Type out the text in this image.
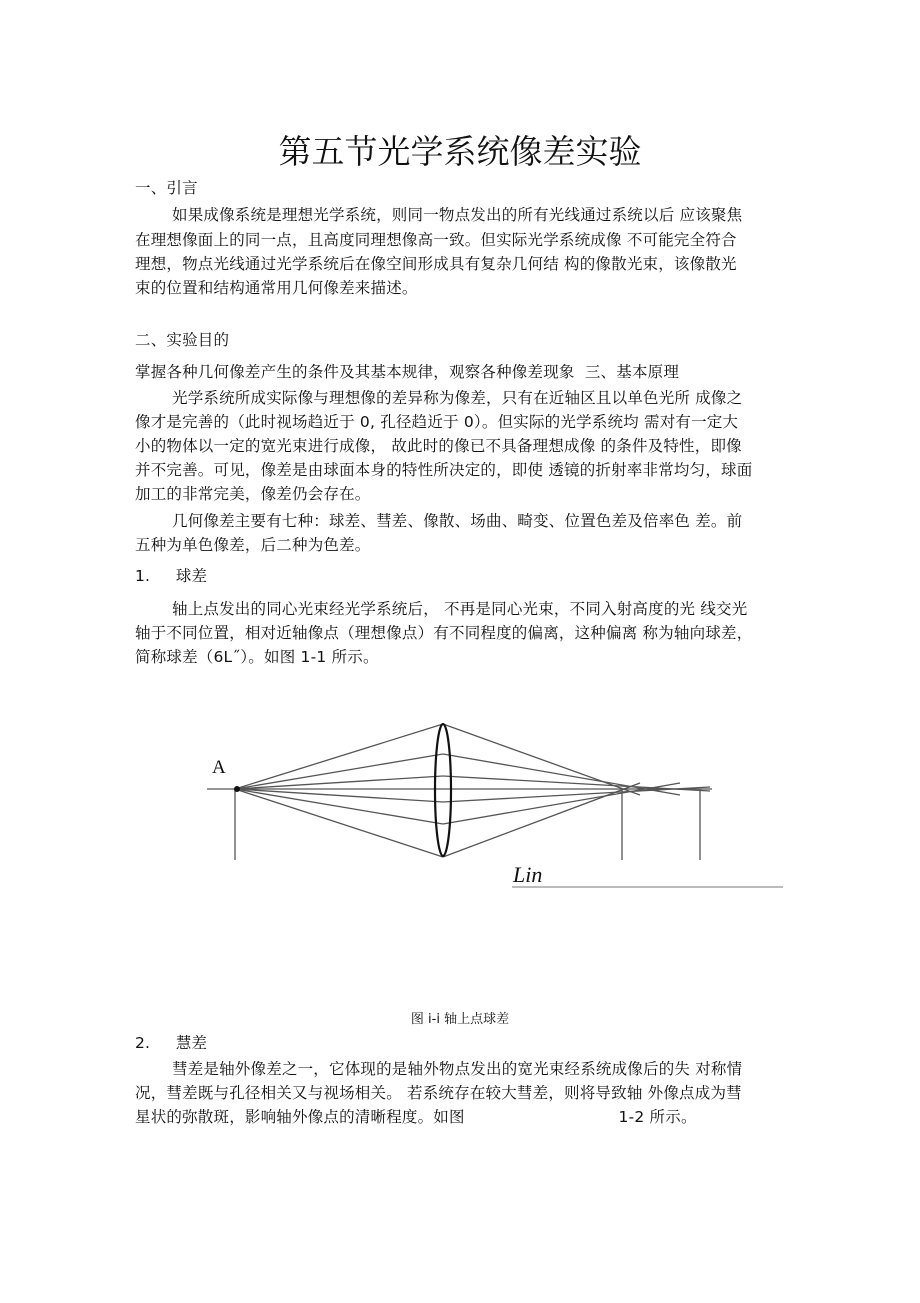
第五节光学系统像差实验
一、引言
如果成像系统是理想光学系统，则同一物点发出的所有光线通过系统以后 应该聚焦
在理想像面上的同一点，且高度同理想像高一致。但实际光学系统成像 不可能完全符合
理想，物点光线通过光学系统后在像空间形成具有复杂几何结 构的像散光束，该像散光
束的位置和结构通常用几何像差来描述。
二、实验目的
掌握各种几何像差产生的条件及其基本规律，观察各种像差现象  三、基本原理
光学系统所成实际像与理想像的差异称为像差，只有在近轴区且以单色光所 成像之
像才是完善的（此时视场趋近于 0, 孔径趋近于 0）。但实际的光学系统均 需对有一定大
小的物体以一定的宽光束进行成像， 故此时的像已不具备理想成像 的条件及特性，即像
并不完善。可见，像差是由球面本身的特性所决定的，即使 透镜的折射率非常均匀，球面
加工的非常完美，像差仍会存在。
几何像差主要有七种：球差、彗差、像散、场曲、畸变、位置色差及倍率色 差。前
五种为单色像差，后二种为色差。
1.     球差
轴上点发出的同心光束经光学系统后， 不再是同心光束，不同入射高度的光 线交光
轴于不同位置，相对近轴像点（理想像点）有不同程度的偏离，这种偏离 称为轴向球差，
简称球差（6L˝）。如图 1-1 所示。
A
Lin
图 i-i 轴上点球差
2.     慧差
彗差是轴外像差之一，它体现的是轴外物点发出的宽光束经系统成像后的失 对称情
况，彗差既与孔径相关又与视场相关。 若系统存在较大彗差，则将导致轴 外像点成为彗
星状的弥散斑，影响轴外像点的清晰程度。如图                              1-2 所示。
